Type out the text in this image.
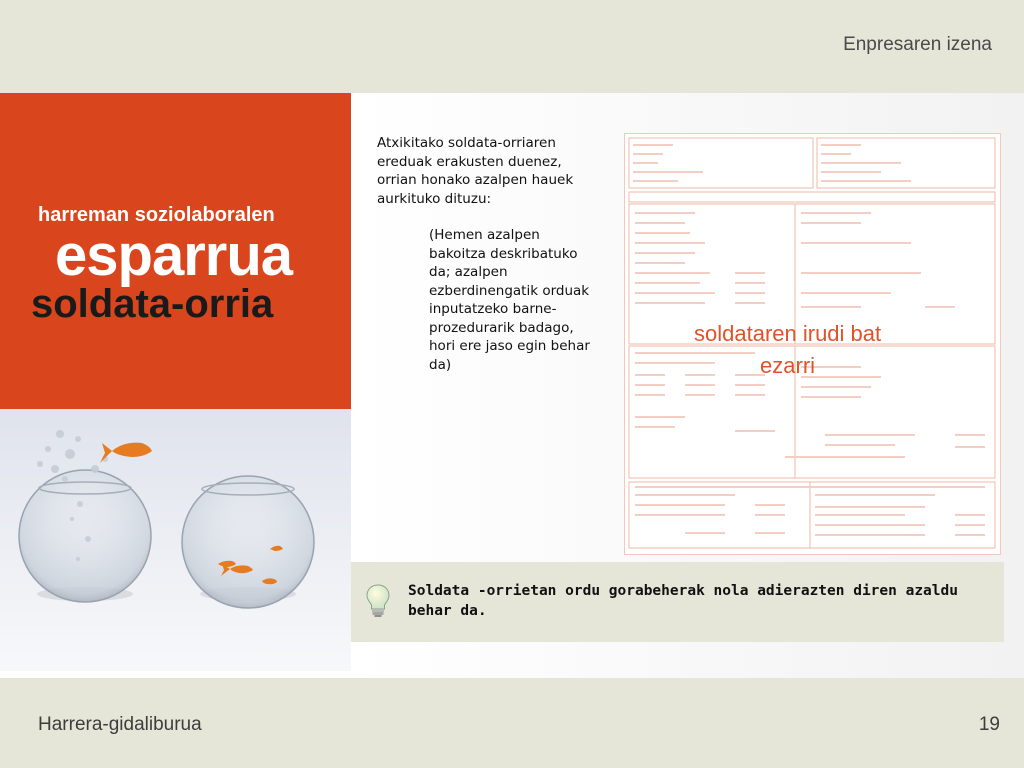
Enpresaren izena
harreman soziolaboralen
esparrua
soldata-orria
Atxikitako soldata-orriaren ereduak erakusten duenez, orrian honako azalpen hauek aurkituko dituzu:
(Hemen azalpen bakoitza deskribatuko da; azalpen ezberdinengatik orduak inputatzeko barne-prozedurarik badago, hori ere jaso egin behar da)
soldataren irudi bat
ezarri
Soldata -orrietan ordu gorabeherak nola adierazten diren azaldu behar da.
Harrera-gidaliburua	19
